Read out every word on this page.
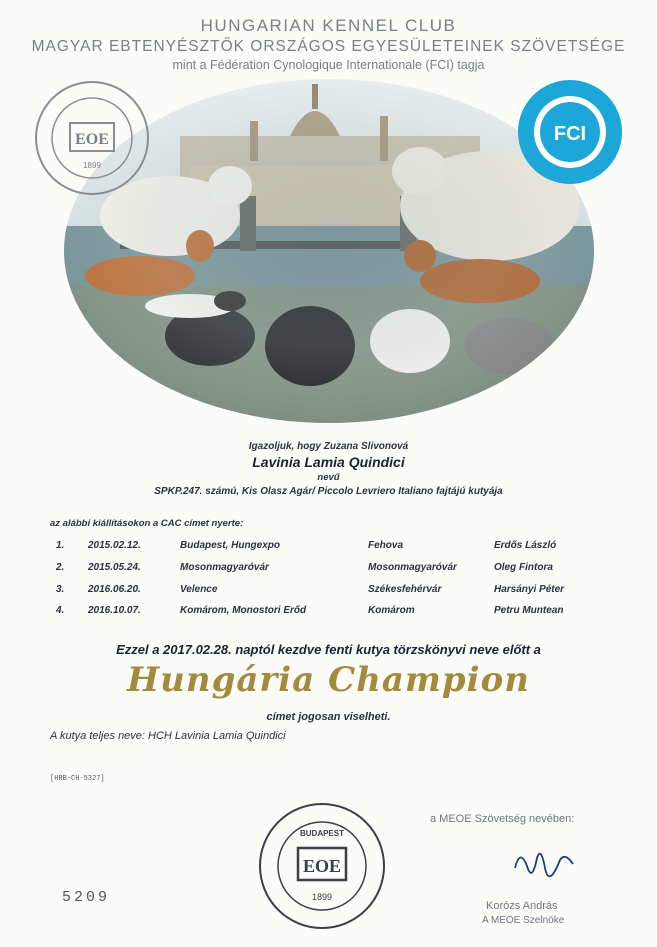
HUNGARIAN KENNEL CLUB
MAGYAR EBTENYÉSZTŐK ORSZÁGOS EGYESÜLETEINEK SZÖVETSÉGE
mint a Fédération Cynologique Internationale (FCI) tagja
EOE
1899
FCI
Igazoljuk, hogy Zuzana Slivonová
Lavinia Lamia Quindici
nevű
SPKP.247. számú, Kis Olasz Agár/ Piccolo Levriero Italiano fajtájú kutyája
az alábbi kiállításokon a CAC címet nyerte:
1. 2015.02.12.	Budapest, Hungexpo	Fehova	Erdős László
2. 2015.05.24.	Mosonmagyaróvár	Mosonmagyaróvár	Oleg Fintora
3. 2016.06.20.	Velence	Székesfehérvár	Harsányi Péter
4. 2016.10.07.	Komárom, Monostori Erőd	Komárom	Petru Muntean
Ezzel a 2017.02.28. naptól kezdve fenti kutya törzskönyvi neve előtt a
Hungária Champion
címet jogosan viselheti.
A kutya teljes neve: HCH Lavinia Lamia Quindici
[HRB-CH-5327]
a MEOE Szövetség nevében:
BUDAPEST
EOE
1899
5209	Korózs András
A MEOE Szelnöke
